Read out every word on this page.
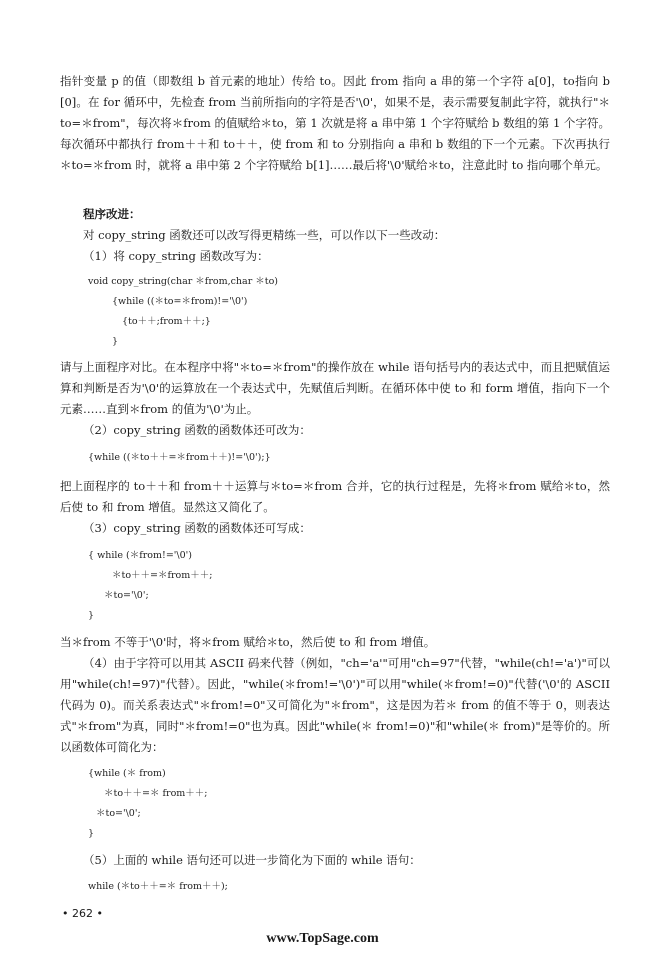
指针变量 p 的值（即数组 b 首元素的地址）传给 to。因此 from 指向 a 串的第一个字符 a[0]，to指向 b[0]。在 for 循环中，先检查 from 当前所指向的字符是否'\0'，如果不是，表示需要复制此字符，就执行"＊to=＊from"，每次将＊from 的值赋给＊to，第 1 次就是将 a 串中第 1 个字符赋给 b 数组的第 1 个字符。每次循环中都执行 from＋＋和 to＋＋，使 from 和 to 分别指向 a 串和 b 数组的下一个元素。下次再执行＊to=＊from 时，就将 a 串中第 2 个字符赋给 b[1]……最后将'\0'赋给＊to，注意此时 to 指向哪个单元。

程序改进：

对 copy_string 函数还可以改写得更精练一些，可以作以下一些改动：

（1）将 copy_string 函数改写为：

void copy_string(char ＊from,char ＊to)
{while ((＊to=＊from)!='\0')
{to＋＋;from＋＋;}
}

请与上面程序对比。在本程序中将"＊to=＊from"的操作放在 while 语句括号内的表达式中，而且把赋值运算和判断是否为'\0'的运算放在一个表达式中，先赋值后判断。在循环体中使 to 和 form 增值，指向下一个元素……直到＊from 的值为'\0'为止。

（2）copy_string 函数的函数体还可改为：

{while ((＊to＋＋=＊from＋＋)!='\0');}

把上面程序的 to＋＋和 from＋＋运算与＊to=＊from 合并，它的执行过程是，先将＊from 赋给＊to，然后使 to 和 from 增值。显然这又简化了。

（3）copy_string 函数的函数体还可写成：

{ while (＊from!='\0')
＊to＋＋=＊from＋＋;
＊to='\0';
}

当＊from 不等于'\0'时，将＊from 赋给＊to，然后使 to 和 from 增值。

（4）由于字符可以用其 ASCII 码来代替（例如，"ch='a'"可用"ch=97"代替，"while(ch!='a')"可以用"while(ch!=97)"代替）。因此，"while(＊from!='\0')"可以用"while(＊from!=0)"代替('\0'的 ASCII 代码为 0)。而关系表达式"＊from!=0"又可简化为"＊from"，这是因为若＊ from 的值不等于 0，则表达式"＊from"为真，同时"＊from!=0"也为真。因此"while(＊ from!=0)"和"while(＊ from)"是等价的。所以函数体可简化为：

{while (＊ from)
＊to＋＋=＊ from＋＋;
＊to='\0';
}

（5）上面的 while 语句还可以进一步简化为下面的 while 语句：

while (＊to＋＋=＊ from＋＋);
• 262 •
www.TopSage.com
